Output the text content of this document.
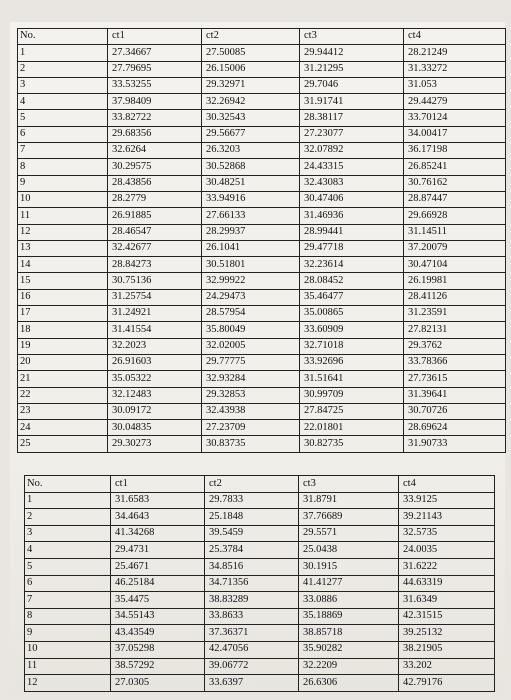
No.	ct1	ct2	ct3	ct4
1	27.34667	27.50085	29.94412	28.21249
2	27.79695	26.15006	31.21295	31.33272
3	33.53255	29.32971	29.7046	31.053
4	37.98409	32.26942	31.91741	29.44279
5	33.82722	30.32543	28.38117	33.70124
6	29.68356	29.56677	27.23077	34.00417
7	32.6264	26.3203	32.07892	36.17198
8	30.29575	30.52868	24.43315	26.85241
9	28.43856	30.48251	32.43083	30.76162
10	28.2779	33.94916	30.47406	28.87447
11	26.91885	27.66133	31.46936	29.66928
12	28.46547	28.29937	28.99441	31.14511
13	32.42677	26.1041	29.47718	37.20079
14	28.84273	30.51801	32.23614	30.47104
15	30.75136	32.99922	28.08452	26.19981
16	31.25754	24.29473	35.46477	28.41126
17	31.24921	28.57954	35.00865	31.23591
18	31.41554	35.80049	33.60909	27.82131
19	32.2023	32.02005	32.71018	29.3762
20	26.91603	29.77775	33.92696	33.78366
21	35.05322	32.93284	31.51641	27.73615
22	32.12483	29.32853	30.99709	31.39641
23	30.09172	32.43938	27.84725	30.70726
24	30.04835	27.23709	22.01801	28.69624
25	29.30273	30.83735	30.82735	31.90733
No.	ct1	ct2	ct3	ct4
1	31.6583	29.7833	31.8791	33.9125
2	34.4643	25.1848	37.76689	39.21143
3	41.34268	39.5459	29.5571	32.5735
4	29.4731	25.3784	25.0438	24.0035
5	25.4671	34.8516	30.1915	31.6222
6	46.25184	34.71356	41.41277	44.63319
7	35.4475	38.83289	33.0886	31.6349
8	34.55143	33.8633	35.18869	42.31515
9	43.43549	37.36371	38.85718	39.25132
10	37.05298	42.47056	35.90282	38.21905
11	38.57292	39.06772	32.2209	33.202
12	27.0305	33.6397	26.6306	42.79176
